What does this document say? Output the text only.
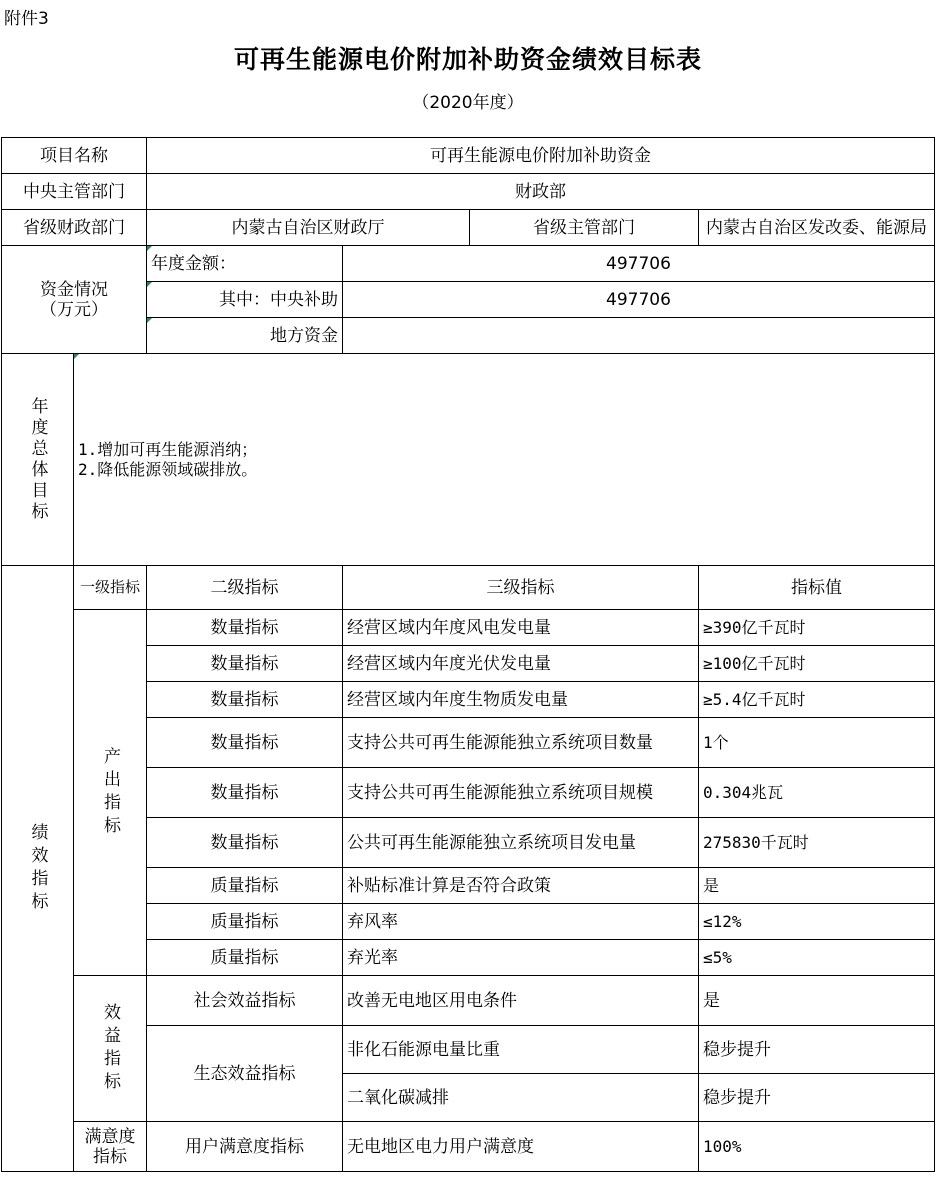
附件3
可再生能源电价附加补助资金绩效目标表
（2020年度）
项目名称		可再生能源电价附加补助资金			
中央主管部门		财政部			
省级财政部门		内蒙古自治区财政厅		省级主管部门	内蒙古自治区发改委、能源局

资金情况
（万元）		年度金额：	497706		
		其中：中央补助	497706		
		地方资金			
年度总体目标	1.增加可再生能源消纳；
2.降低能源领域碳排放。				

绩效指标	一级指标	二级指标	三级指标		指标值
	产出指标	数量指标	经营区域内年度风电发电量		≥390亿千瓦时
		数量指标	经营区域内年度光伏发电量		≥100亿千瓦时
		数量指标	经营区域内年度生物质发电量		≥5.4亿千瓦时
		数量指标	支持公共可再生能源能独立系统项目数量		1个
		数量指标	支持公共可再生能源能独立系统项目规模		0.304兆瓦
		数量指标	公共可再生能源能独立系统项目发电量		275830千瓦时
		质量指标	补贴标准计算是否符合政策		是
		质量指标	弃风率		≤12%
		质量指标	弃光率		≤5%
	效益指标	社会效益指标	改善无电地区用电条件		是
		生态效益指标	非化石能源电量比重		稳步提升
			二氧化碳减排		稳步提升
	满意度指标	用户满意度指标	无电地区电力用户满意度		100%
